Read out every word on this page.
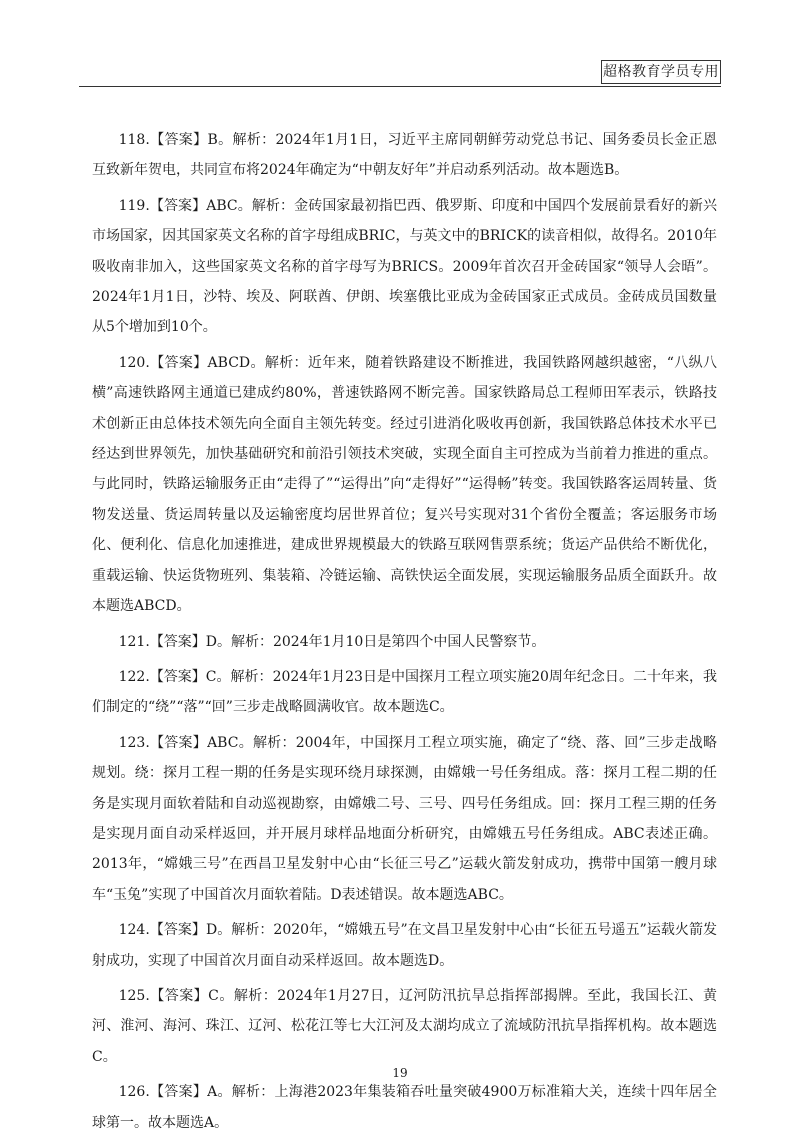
超格教育学员专用

118.【答案】B。解析：2024年1月1日，习近平主席同朝鲜劳动党总书记、国务委员长金正恩互致新年贺电，共同宣布将2024年确定为“中朝友好年”并启动系列活动。故本题选B。

119.【答案】ABC。解析：金砖国家最初指巴西、俄罗斯、印度和中国四个发展前景看好的新兴市场国家，因其国家英文名称的首字母组成BRIC，与英文中的BRICK的读音相似，故得名。2010年吸收南非加入，这些国家英文名称的首字母写为BRICS。2009年首次召开金砖国家“领导人会晤”。2024年1月1日，沙特、埃及、阿联酋、伊朗、埃塞俄比亚成为金砖国家正式成员。金砖成员国数量从5个增加到10个。

120.【答案】ABCD。解析：近年来，随着铁路建设不断推进，我国铁路网越织越密，“八纵八横”高速铁路网主通道已建成约80%，普速铁路网不断完善。国家铁路局总工程师田军表示，铁路技术创新正由总体技术领先向全面自主领先转变。经过引进消化吸收再创新，我国铁路总体技术水平已经达到世界领先，加快基础研究和前沿引领技术突破，实现全面自主可控成为当前着力推进的重点。与此同时，铁路运输服务正由“走得了”“运得出”向“走得好”“运得畅”转变。我国铁路客运周转量、货物发送量、货运周转量以及运输密度均居世界首位；复兴号实现对31个省份全覆盖；客运服务市场化、便利化、信息化加速推进，建成世界规模最大的铁路互联网售票系统；货运产品供给不断优化，重载运输、快运货物班列、集装箱、冷链运输、高铁快运全面发展，实现运输服务品质全面跃升。故本题选ABCD。

121.【答案】D。解析：2024年1月10日是第四个中国人民警察节。

122.【答案】C。解析：2024年1月23日是中国探月工程立项实施20周年纪念日。二十年来，我们制定的“绕”“落”“回”三步走战略圆满收官。故本题选C。

123.【答案】ABC。解析：2004年，中国探月工程立项实施，确定了“绕、落、回”三步走战略规划。绕：探月工程一期的任务是实现环绕月球探测，由嫦娥一号任务组成。落：探月工程二期的任务是实现月面软着陆和自动巡视勘察，由嫦娥二号、三号、四号任务组成。回：探月工程三期的任务是实现月面自动采样返回，并开展月球样品地面分析研究，由嫦娥五号任务组成。ABC表述正确。2013年，“嫦娥三号”在西昌卫星发射中心由“长征三号乙”运载火箭发射成功，携带中国第一艘月球车“玉兔”实现了中国首次月面软着陆。D表述错误。故本题选ABC。

124.【答案】D。解析：2020年，“嫦娥五号”在文昌卫星发射中心由“长征五号遥五”运载火箭发射成功，实现了中国首次月面自动采样返回。故本题选D。

125.【答案】C。解析：2024年1月27日，辽河防汛抗旱总指挥部揭牌。至此，我国长江、黄河、淮河、海河、珠江、辽河、松花江等七大江河及太湖均成立了流域防汛抗旱指挥机构。故本题选C。

126.【答案】A。解析：上海港2023年集装箱吞吐量突破4900万标准箱大关，连续十四年居全球第一。故本题选A。

19
